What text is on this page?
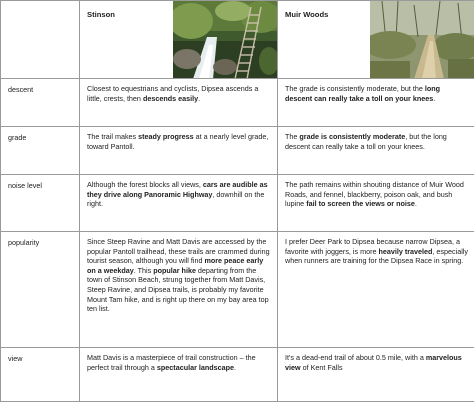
	Stinson	Muir Woods

descent	Closest to equestrians and cyclists, Dipsea ascends a little, crests, then descends easily.	The grade is consistently moderate, but the long descent can really take a toll on your knees.
grade	The trail makes steady progress at a nearly level grade, toward Pantoll.	The grade is consistently moderate, but the long descent can really take a toll on your knees.
noise level	Although the forest blocks all views, cars are audible as they drive along Panoramic Highway, downhill on the right.	The path remains within shouting distance of Muir Wood Roads, and fennel, blackberry, poison oak, and bush lupine fail to screen the views or noise.
popularity	Since Steep Ravine and Matt Davis are accessed by the popular Pantoll trailhead, these trails are crammed during tourist season, although you will find more peace early on a weekday. This popular hike departing from the town of Stinson Beach, strung together from Matt Davis, Steep Ravine, and Dipsea trails, is probably my favorite Mount Tam hike, and is right up there on my bay area top ten list.	I prefer Deer Park to Dipsea because narrow Dipsea, a favorite with joggers, is more heavily traveled, especially when runners are training for the Dipsea Race in spring.
view	Matt Davis is a masterpiece of trail construction – the perfect trail through a spectacular landscape.	It's a dead-end trail of about 0.5 mile, with a marvelous view of Kent Falls
